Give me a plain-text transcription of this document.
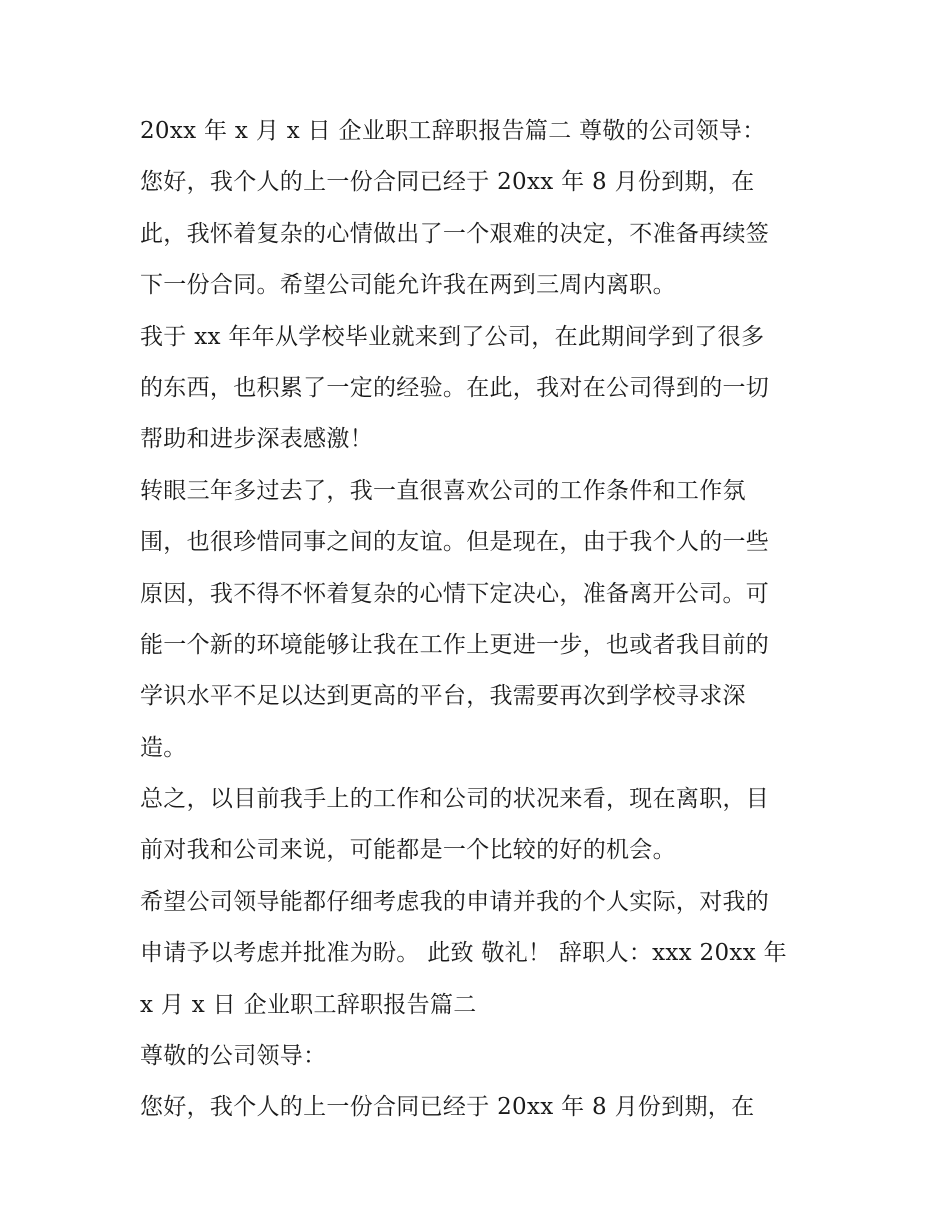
20xx 年 x 月 x 日 企业职工辞职报告篇二 尊敬的公司领导：
您好，我个人的上一份合同已经于 20xx 年 8 月份到期，在
此，我怀着复杂的心情做出了一个艰难的决定，不准备再续签
下一份合同。希望公司能允许我在两到三周内离职。
我于 xx 年年从学校毕业就来到了公司，在此期间学到了很多
的东西，也积累了一定的经验。在此，我对在公司得到的一切
帮助和进步深表感激！
转眼三年多过去了，我一直很喜欢公司的工作条件和工作氛
围，也很珍惜同事之间的友谊。但是现在，由于我个人的一些
原因，我不得不怀着复杂的心情下定决心，准备离开公司。可
能一个新的环境能够让我在工作上更进一步，也或者我目前的
学识水平不足以达到更高的平台，我需要再次到学校寻求深
造。
总之，以目前我手上的工作和公司的状况来看，现在离职，目
前对我和公司来说，可能都是一个比较的好的机会。
希望公司领导能都仔细考虑我的申请并我的个人实际，对我的
申请予以考虑并批准为盼。 此致 敬礼！ 辞职人：xxx 20xx 年
x 月 x 日 企业职工辞职报告篇二
尊敬的公司领导：
您好，我个人的上一份合同已经于 20xx 年 8 月份到期，在
